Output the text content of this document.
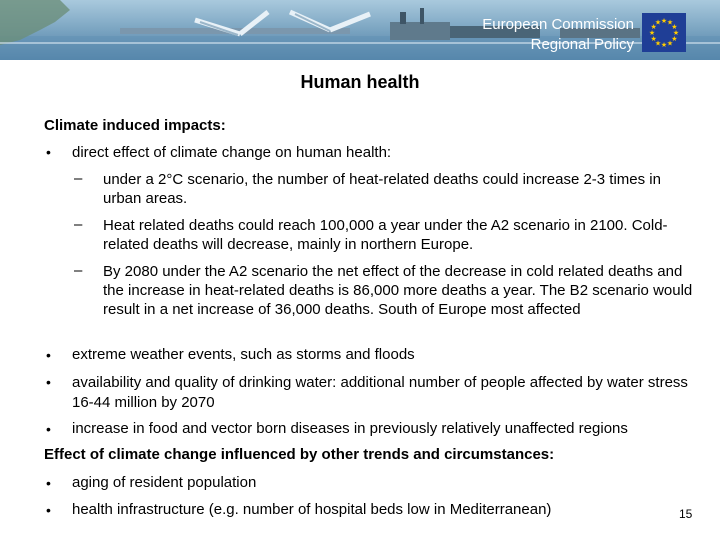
European Commission
Regional Policy
★ ★
★
★
★
★
★
★
★
★
★
★
Human health
Climate induced impacts:
• direct effect of climate change on human health:
– under a 2°C scenario, the number of heat-related deaths could increase 2-3 times in urban areas.
– Heat related deaths could reach 100,000 a year under the A2 scenario in 2100. Cold-related deaths will decrease, mainly in northern Europe.
– By 2080 under the A2 scenario the net effect of the decrease in cold related deaths and the increase in heat-related deaths is 86,000 more deaths a year. The B2 scenario would result in a net increase of 36,000 deaths. South of Europe most affected
• extreme weather events, such as storms and floods
• availability and quality of drinking water: additional number of people affected by water stress 16-44 million by 2070
• increase in food and vector born diseases in previously relatively unaffected regions
Effect of climate change influenced by other trends and circumstances:
• aging of resident population
• health infrastructure (e.g. number of hospital beds low in Mediterranean)	15
